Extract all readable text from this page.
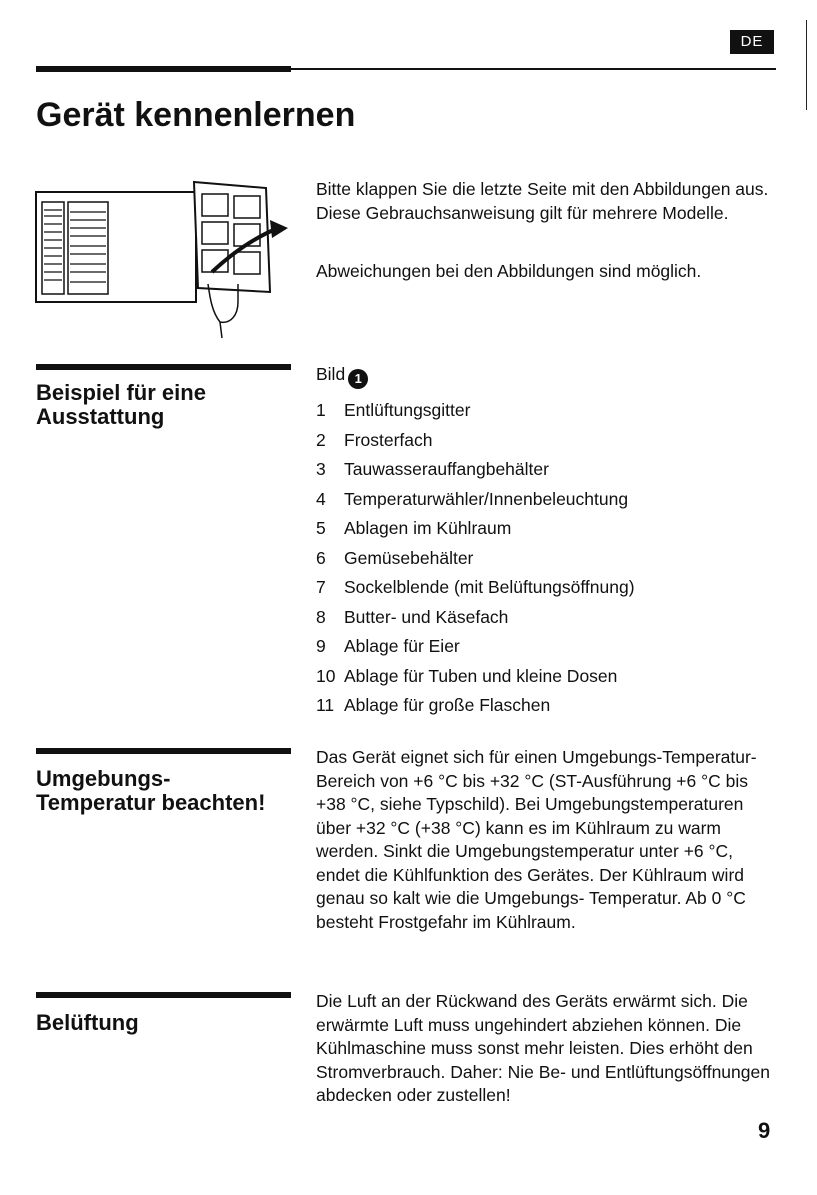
DE
Gerät kennenlernen

Bitte klappen Sie die letzte Seite mit den Abbildungen aus. Diese Gebrauchsanweisung gilt für mehrere Modelle.

Abweichungen bei den Abbildungen sind möglich.

Beispiel für eine
Ausstattung
Bild 1
1 Entlüftungsgitter
2 Frosterfach
3 Tauwasserauffangbehälter
4 Temperaturwähler/Innenbeleuchtung
5 Ablagen im Kühlraum
6 Gemüsebehälter
7 Sockelblende (mit Belüftungsöffnung)
8 Butter- und Käsefach
9 Ablage für Eier
10 Ablage für Tuben und kleine Dosen
11 Ablage für große Flaschen
Umgebungs-
Temperatur beachten!

Das Gerät eignet sich für einen Umgebungs-Temperatur-Bereich von +6 °C bis +32 °C (ST-Ausführung +6 °C bis +38 °C, siehe Typschild). Bei Umgebungstemperaturen über +32 °C (+38 °C) kann es im Kühlraum zu warm werden. Sinkt die Umgebungstemperatur unter +6 °C, endet die Kühlfunktion des Gerätes. Der Kühlraum wird genau so kalt wie die Umgebungs- Temperatur. Ab 0 °C besteht Frostgefahr im Kühlraum.

Belüftung

Die Luft an der Rückwand des Geräts erwärmt sich. Die erwärmte Luft muss ungehindert abziehen können. Die Kühlmaschine muss sonst mehr leisten. Dies erhöht den Stromverbrauch. Daher: Nie Be- und Entlüftungsöffnungen abdecken oder zustellen!

9
